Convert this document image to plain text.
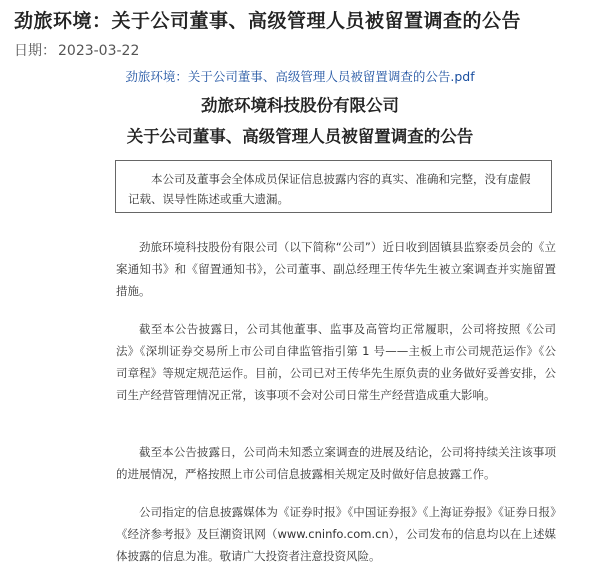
劲旅环境：关于公司董事、高级管理人员被留置调查的公告
日期： 2023-03-22
劲旅环境：关于公司董事、高级管理人员被留置调查的公告.pdf
劲旅环境科技股份有限公司
关于公司董事、高级管理人员被留置调查的公告
本公司及董事会全体成员保证信息披露内容的真实、准确和完整，没有虚假记载、误导性陈述或重大遗漏。

劲旅环境科技股份有限公司（以下简称“公司”）近日收到固镇县监察委员会的《立案通知书》和《留置通知书》，公司董事、副总经理王传华先生被立案调查并实施留置措施。

截至本公告披露日，公司其他董事、监事及高管均正常履职，公司将按照《公司法》《深圳证券交易所上市公司自律监管指引第 1 号——主板上市公司规范运作》《公司章程》等规定规范运作。目前，公司已对王传华先生原负责的业务做好妥善安排，公司生产经营管理情况正常，该事项不会对公司日常生产经营造成重大影响。

截至本公告披露日，公司尚未知悉立案调查的进展及结论，公司将持续关注该事项的进展情况，严格按照上市公司信息披露相关规定及时做好信息披露工作。

公司指定的信息披露媒体为《证券时报》《中国证券报》《上海证券报》《证券日报》《经济参考报》及巨潮资讯网（www.cninfo.com.cn），公司发布的信息均以在上述媒体披露的信息为准。敬请广大投资者注意投资风险。
